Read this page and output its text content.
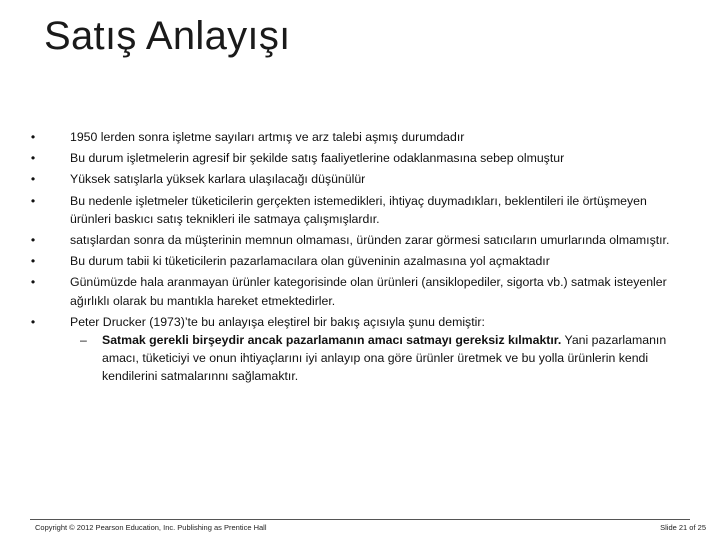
Satış Anlayışı
•	1950 lerden sonra işletme sayıları artmış ve arz talebi aşmış durumdadır
•	Bu durum işletmelerin agresif bir şekilde satış faaliyetlerine odaklanmasına sebep olmuştur
•	Yüksek satışlarla yüksek karlara ulaşılacağı düşünülür
•	Bu nedenle işletmeler tüketicilerin gerçekten istemedikleri, ihtiyaç duymadıkları, beklentileri ile örtüşmeyen ürünleri baskıcı satış teknikleri ile satmaya çalışmışlardır.
•	satışlardan sonra da müşterinin memnun olmaması, üründen zarar görmesi satıcıların umurlarında olmamıştır.
•	Bu durum tabii ki tüketicilerin pazarlamacılara olan güveninin azalmasına yol açmaktadır
•	Günümüzde hala aranmayan ürünler kategorisinde olan ürünleri (ansiklopediler, sigorta vb.) satmak isteyenler ağırlıklı olarak bu mantıkla hareket etmektedirler.
•	Peter Drucker (1973)’te bu anlayışa eleştirel bir bakış açısıyla şunu demiştir:
– Satmak gerekli birşeydir ancak pazarlamanın amacı satmayı gereksiz kılmaktır. Yani pazarlamanın amacı, tüketiciyi ve onun ihtiyaçlarını iyi anlayıp ona göre ürünler üretmek ve bu yolla ürünlerin kendi kendilerini satmalarınnı sağlamaktır.
Copyright © 2012 Pearson Education, Inc. Publishing as Prentice Hall	Slide 21 of 25
